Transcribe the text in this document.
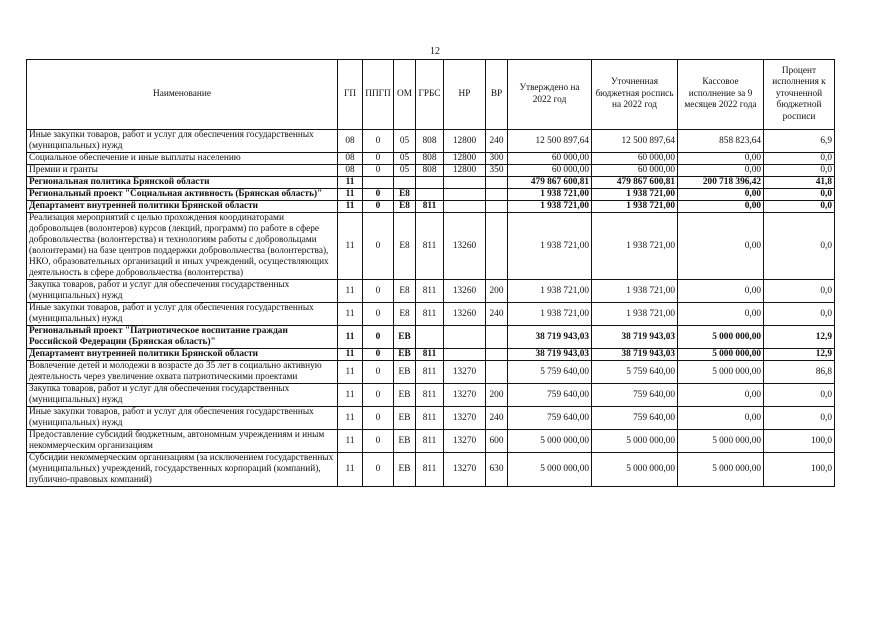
12
Наименование	ГП	ППГП	ОМ	ГРБС	НР	ВР	Утверждено на 2022 год	Уточненная бюджетная роспись на 2022 год	Кассовое исполнение за 9 месяцев 2022 года	Процент исполнения к уточненной бюджетной росписи
Иные закупки товаров, работ и услуг для обеспечения государственных (муниципальных) нужд	08	0	05	808	12800	240	12 500 897,64	12 500 897,64	858 823,64	6,9
Социальное обеспечение и иные выплаты населению	08	0	05	808	12800	300	60 000,00	60 000,00	0,00	0,0
Премии и гранты	08	0	05	808	12800	350	60 000,00	60 000,00	0,00	0,0
Региональная политика Брянской области	11						479 867 600,81	479 867 600,81	200 718 396,42	41,8
Региональный проект "Социальная активность (Брянская область)"	11	0	Е8				1 938 721,00	1 938 721,00	0,00	0,0
Департамент внутренней политики Брянской области	11	0	Е8	811			1 938 721,00	1 938 721,00	0,00	0,0
Реализация мероприятий с целью прохождения координаторами добровольцев (волонтеров) курсов (лекций, программ) по работе в сфере добровольчества (волонтерства) и технологиям работы с добровольцами (волонтерами) на базе центров поддержки добровольчества (волонтерства), НКО, образовательных организаций и иных учреждений, осуществляющих деятельность в сфере добровольчества (волонтерства)	11	0	Е8	811	13260		1 938 721,00	1 938 721,00	0,00	0,0
Закупка товаров, работ и услуг для обеспечения государственных (муниципальных) нужд	11	0	Е8	811	13260	200	1 938 721,00	1 938 721,00	0,00	0,0
Иные закупки товаров, работ и услуг для обеспечения государственных (муниципальных) нужд	11	0	Е8	811	13260	240	1 938 721,00	1 938 721,00	0,00	0,0
Региональный проект "Патриотическое воспитание граждан Российской Федерации (Брянская область)"	11	0	ЕВ				38 719 943,03	38 719 943,03	5 000 000,00	12,9
Департамент внутренней политики Брянской области	11	0	ЕВ	811			38 719 943,03	38 719 943,03	5 000 000,00	12,9
Вовлечение детей и молодежи в возрасте до 35 лет в социально активную деятельность через увеличение охвата патриотическими проектами	11	0	ЕВ	811	13270		5 759 640,00	5 759 640,00	5 000 000,00	86,8
Закупка товаров, работ и услуг для обеспечения государственных (муниципальных) нужд	11	0	ЕВ	811	13270	200	759 640,00	759 640,00	0,00	0,0
Иные закупки товаров, работ и услуг для обеспечения государственных (муниципальных) нужд	11	0	ЕВ	811	13270	240	759 640,00	759 640,00	0,00	0,0
Предоставление субсидий бюджетным, автономным учреждениям и иным некоммерческим организациям	11	0	ЕВ	811	13270	600	5 000 000,00	5 000 000,00	5 000 000,00	100,0
Субсидии некоммерческим организациям (за исключением государственных (муниципальных) учреждений, государственных корпораций (компаний), публично-правовых компаний)	11	0	ЕВ	811	13270	630	5 000 000,00	5 000 000,00	5 000 000,00	100,0
